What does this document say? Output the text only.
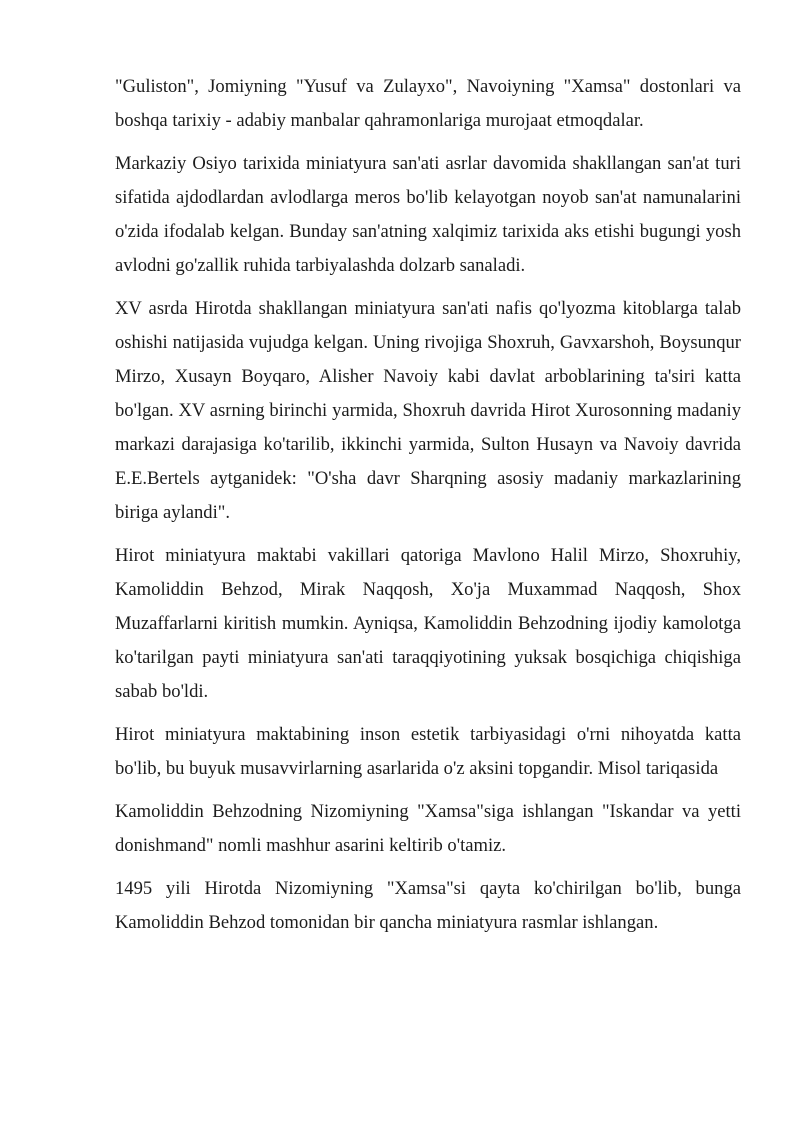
"Guliston", Jomiyning "Yusuf va Zulayxo", Navoiyning "Xamsa" dostonlari va boshqa tarixiy - adabiy manbalar qahramonlariga murojaat etmoqdalar.

Markaziy Osiyo tarixida miniatyura san'ati asrlar davomida shakllangan san'at turi sifatida ajdodlardan avlodlarga meros bo'lib kelayotgan noyob san'at namunalarini o'zida ifodalab kelgan. Bunday san'atning xalqimiz tarixida aks etishi bugungi yosh avlodni go'zallik ruhida tarbiyalashda dolzarb sanaladi.

XV asrda Hirotda shakllangan miniatyura san'ati nafis qo'lyozma kitoblarga talab oshishi natijasida vujudga kelgan. Uning rivojiga Shoxruh, Gavxarshoh, Boysunqur Mirzo, Xusayn Boyqaro, Alisher Navoiy kabi davlat arboblarining ta'siri katta bo'lgan. XV asrning birinchi yarmida, Shoxruh davrida Hirot Xurosonning madaniy markazi darajasiga ko'tarilib, ikkinchi yarmida, Sulton Husayn va Navoiy davrida E.E.Bertels aytganidek: "O'sha davr Sharqning asosiy madaniy markazlarining biriga aylandi".

Hirot miniatyura maktabi vakillari qatoriga Mavlono Halil Mirzo, Shoxruhiy, Kamoliddin Behzod, Mirak Naqqosh, Xo'ja Muxammad Naqqosh, Shox Muzaffarlarni kiritish mumkin. Ayniqsa, Kamoliddin Behzodning ijodiy kamolotga ko'tarilgan payti miniatyura san'ati taraqqiyotining yuksak bosqichiga chiqishiga sabab bo'ldi.

Hirot miniatyura maktabining inson estetik tarbiyasidagi o'rni nihoyatda katta bo'lib, bu buyuk musavvirlarning asarlarida o'z aksini topgandir. Misol tariqasida

Kamoliddin Behzodning Nizomiyning "Xamsa"siga ishlangan "Iskandar va yetti donishmand" nomli mashhur asarini keltirib o'tamiz.

1495 yili Hirotda Nizomiyning "Xamsa"si qayta ko'chirilgan bo'lib, bunga Kamoliddin Behzod tomonidan bir qancha miniatyura rasmlar ishlangan.
